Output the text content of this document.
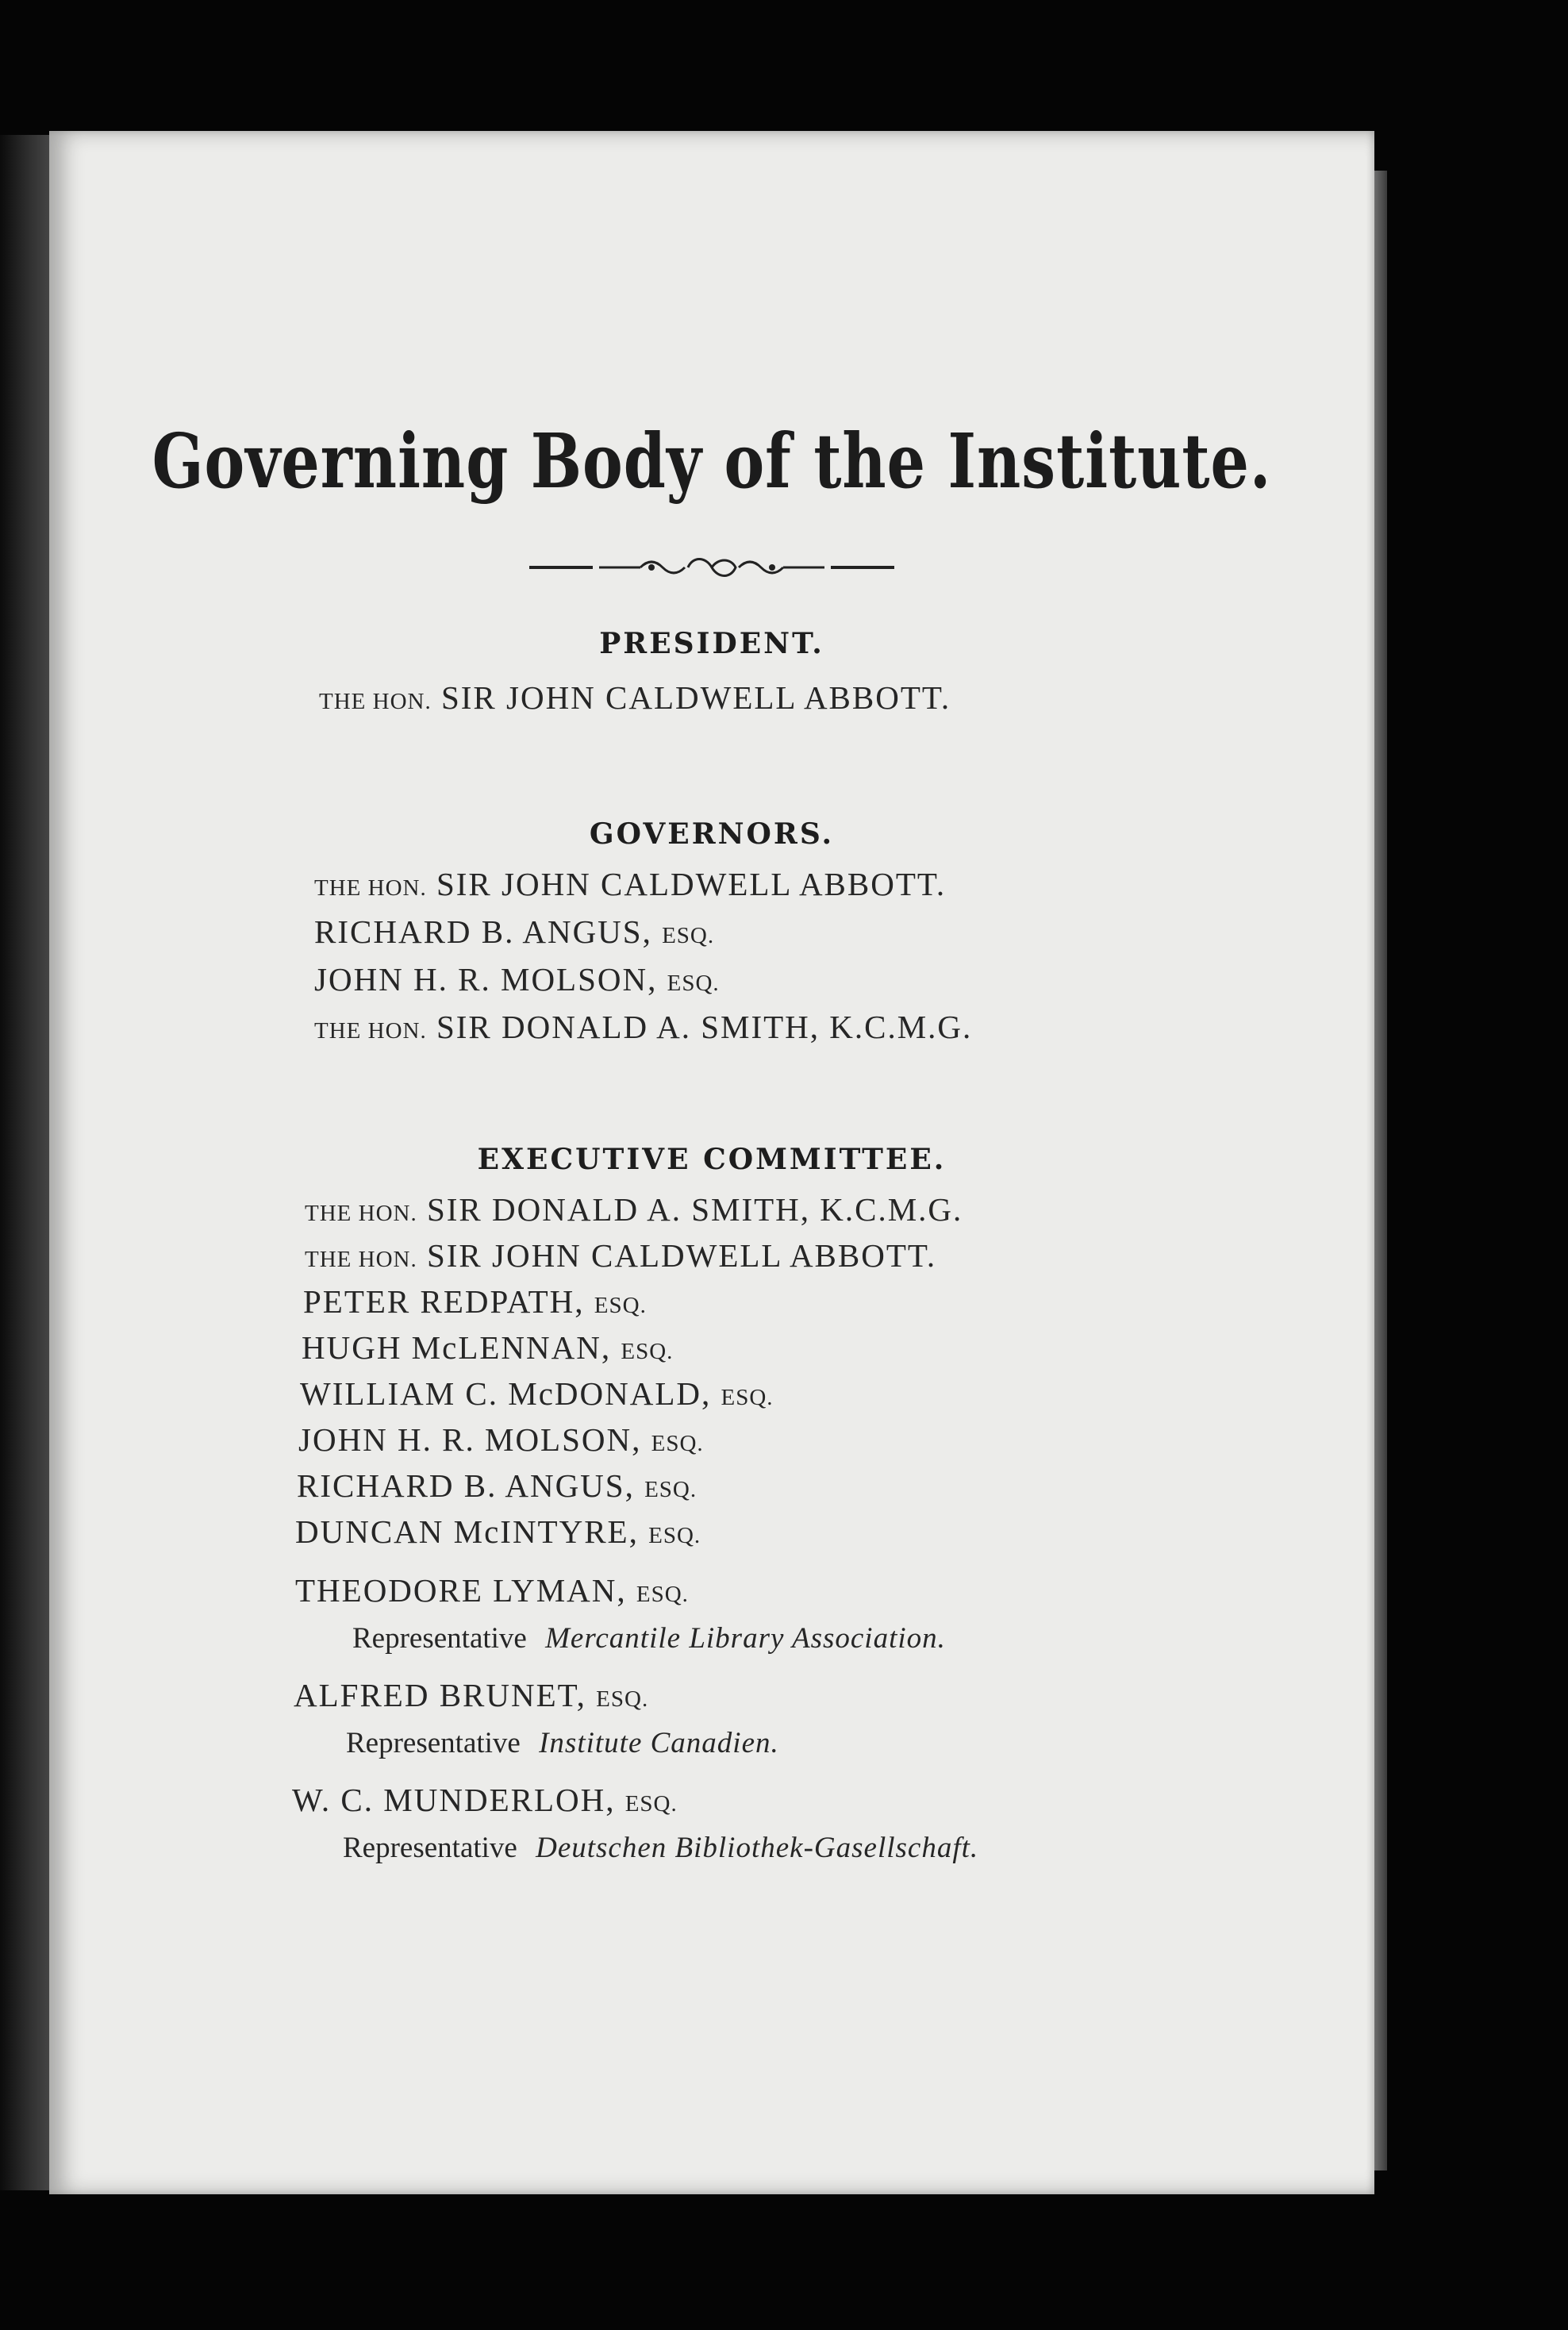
Governing Body of the Institute.
PRESIDENT.
THE HON. SIR JOHN CALDWELL ABBOTT.
GOVERNORS.
THE HON. SIR JOHN CALDWELL ABBOTT.
RICHARD B. ANGUS, ESQ.
JOHN H. R. MOLSON, ESQ.
THE HON. SIR DONALD A. SMITH, K.C.M.G.
EXECUTIVE COMMITTEE.
THE HON. SIR DONALD A. SMITH, K.C.M.G.
THE HON. SIR JOHN CALDWELL ABBOTT.
PETER REDPATH, ESQ.
HUGH McLENNAN, ESQ.
WILLIAM C. McDONALD, ESQ.
JOHN H. R. MOLSON, ESQ.
RICHARD B. ANGUS, ESQ.
DUNCAN McINTYRE, ESQ.
THEODORE LYMAN, ESQ.
Representative Mercantile Library Association.
ALFRED BRUNET, ESQ.
Representative Institute Canadien.
W. C. MUNDERLOH, ESQ.
Representative Deutschen Bibliothek-Gasellschaft.
